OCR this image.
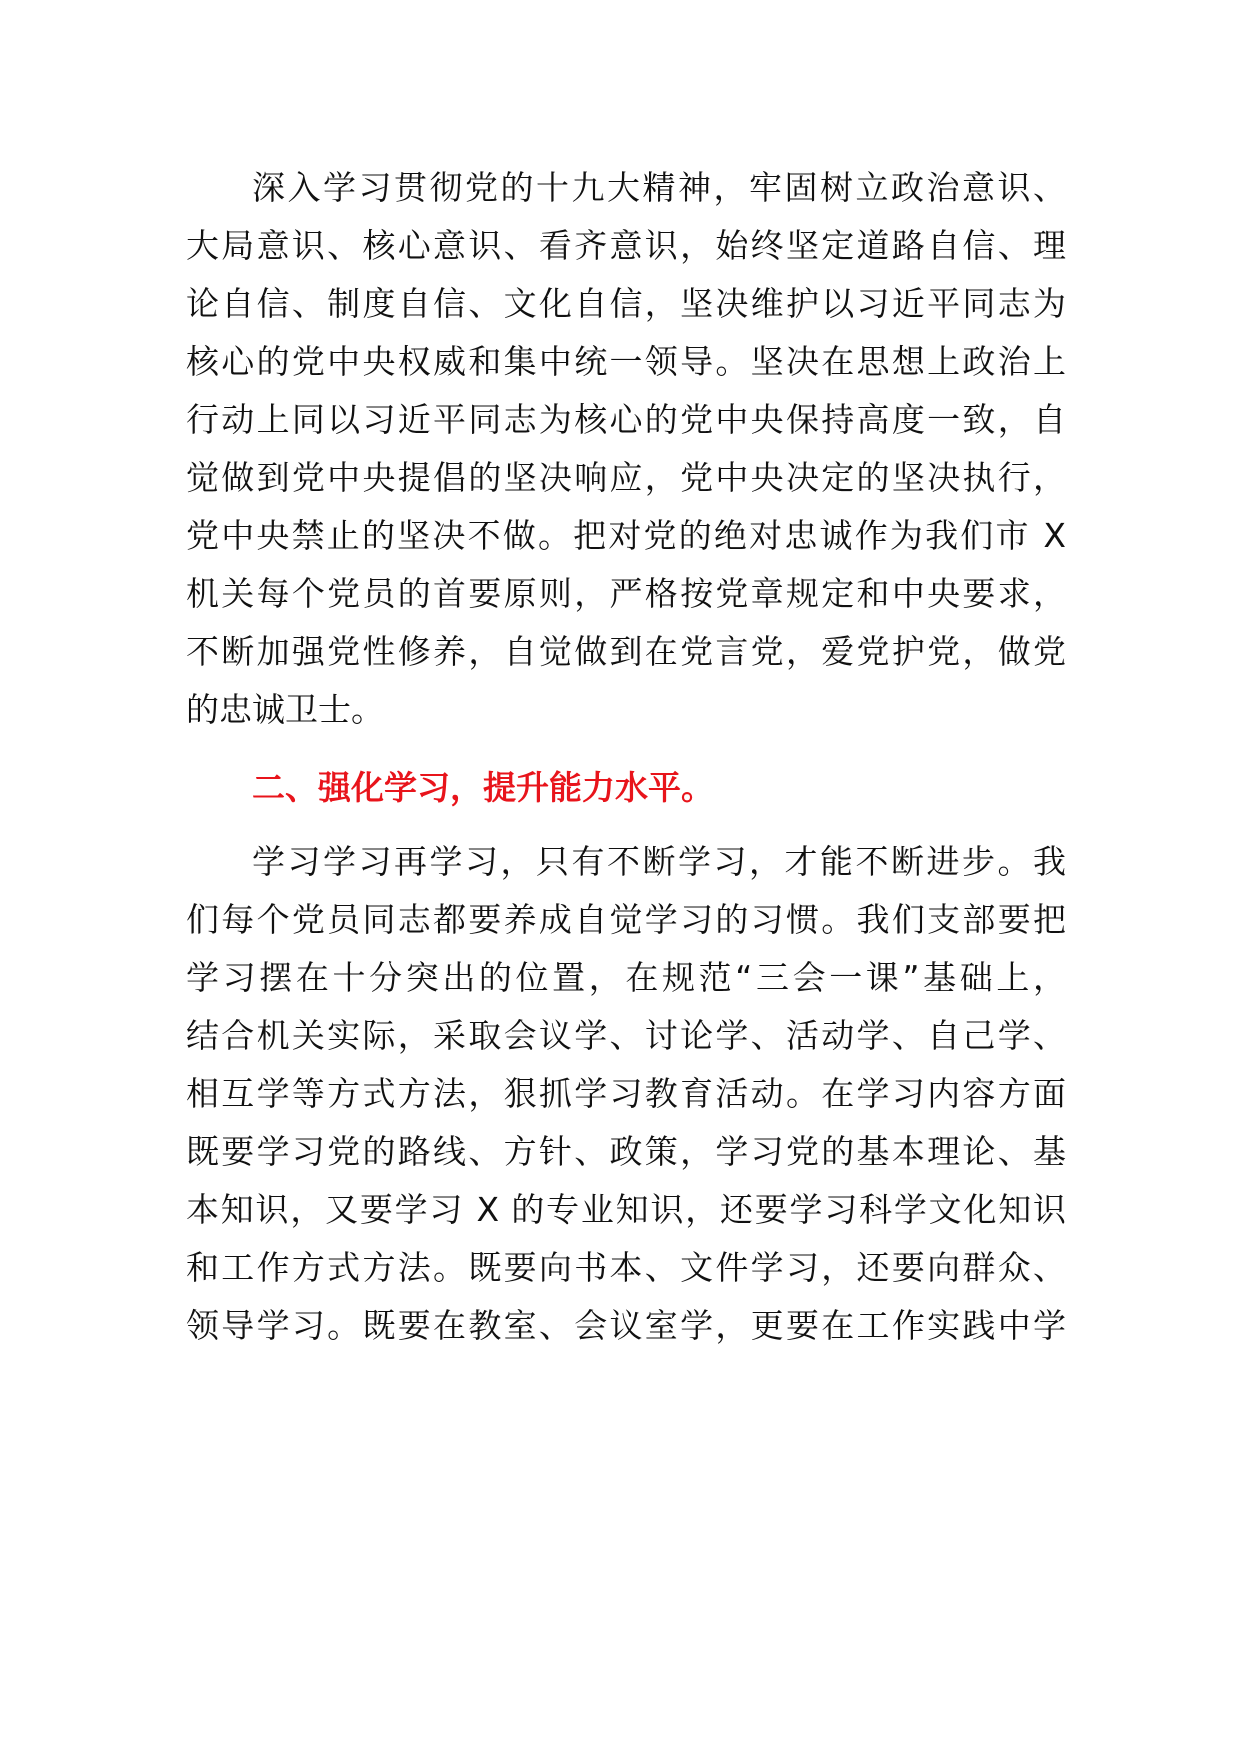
深入学习贯彻党的十九大精神，牢固树立政治意识、
大局意识、核心意识、看齐意识，始终坚定道路自信、理
论自信、制度自信、文化自信，坚决维护以习近平同志为
核心的党中央权威和集中统一领导。坚决在思想上政治上
行动上同以习近平同志为核心的党中央保持高度一致，自
觉做到党中央提倡的坚决响应，党中央决定的坚决执行，
党中央禁止的坚决不做。把对党的绝对忠诚作为我们市 X
机关每个党员的首要原则，严格按党章规定和中央要求，
不断加强党性修养，自觉做到在党言党，爱党护党，做党
的忠诚卫士。
二、强化学习，提升能力水平。
学习学习再学习，只有不断学习，才能不断进步。我
们每个党员同志都要养成自觉学习的习惯。我们支部要把
学习摆在十分突出的位置，在规范“三会一课”基础上，
结合机关实际，采取会议学、讨论学、活动学、自己学、
相互学等方式方法，狠抓学习教育活动。在学习内容方面
既要学习党的路线、方针、政策，学习党的基本理论、基
本知识，又要学习 X 的专业知识，还要学习科学文化知识
和工作方式方法。既要向书本、文件学习，还要向群众、
领导学习。既要在教室、会议室学，更要在工作实践中学
